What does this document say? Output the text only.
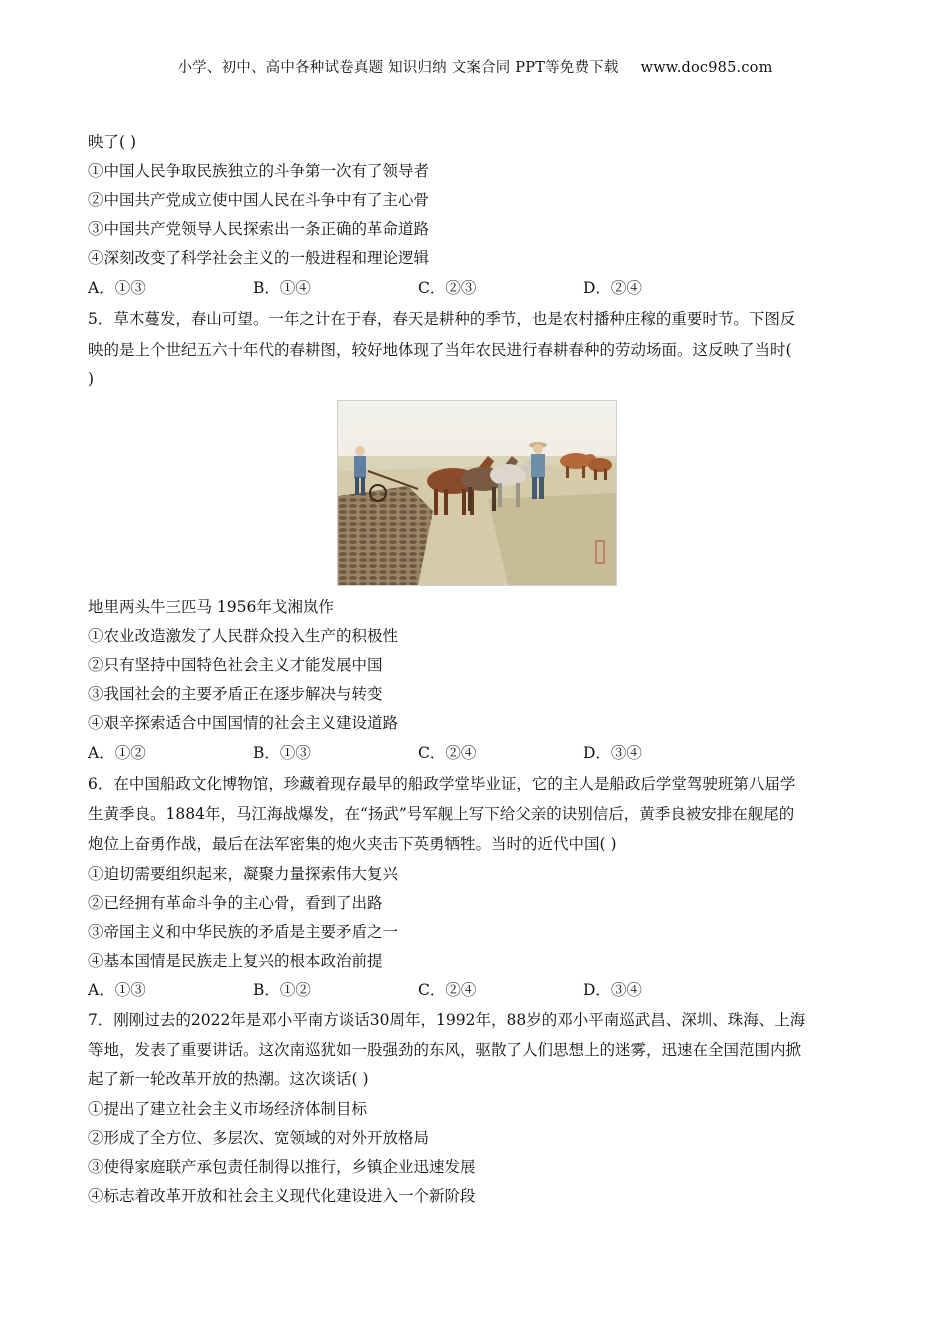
小学、初中、高中各种试卷真题 知识归纳 文案合同 PPT等免费下载 www.doc985.com
映了( )
①中国人民争取民族独立的斗争第一次有了领导者
②中国共产党成立使中国人民在斗争中有了主心骨
③中国共产党领导人民探索出一条正确的革命道路
④深刻改变了科学社会主义的一般进程和理论逻辑
A．①③	B．①④	C．②③	D．②④
5．草木蔓发，春山可望。一年之计在于春，春天是耕种的季节，也是农村播种庄稼的重要时节。下图反
映的是上个世纪五六十年代的春耕图，较好地体现了当年农民进行春耕春种的劳动场面。这反映了当时(
)
地里两头牛三匹马 1956年戈湘岚作
①农业改造激发了人民群众投入生产的积极性
②只有坚持中国特色社会主义才能发展中国
③我国社会的主要矛盾正在逐步解决与转变
④艰辛探索适合中国国情的社会主义建设道路
A．①②	B．①③	C．②④	D．③④
6．在中国船政文化博物馆，珍藏着现存最早的船政学堂毕业证，它的主人是船政后学堂驾驶班第八届学
生黄季良。1884年，马江海战爆发，在“扬武”号军舰上写下给父亲的诀别信后，黄季良被安排在舰尾的
炮位上奋勇作战，最后在法军密集的炮火夹击下英勇牺牲。当时的近代中国( )
①迫切需要组织起来，凝聚力量探索伟大复兴
②已经拥有革命斗争的主心骨，看到了出路
③帝国主义和中华民族的矛盾是主要矛盾之一
④基本国情是民族走上复兴的根本政治前提
A．①③	B．①②	C．②④	D．③④
7．刚刚过去的2022年是邓小平南方谈话30周年，1992年，88岁的邓小平南巡武昌、深圳、珠海、上海
等地，发表了重要讲话。这次南巡犹如一股强劲的东风，驱散了人们思想上的迷雾，迅速在全国范围内掀
起了新一轮改革开放的热潮。这次谈话( )
①提出了建立社会主义市场经济体制目标
②形成了全方位、多层次、宽领域的对外开放格局
③使得家庭联产承包责任制得以推行，乡镇企业迅速发展
④标志着改革开放和社会主义现代化建设进入一个新阶段
